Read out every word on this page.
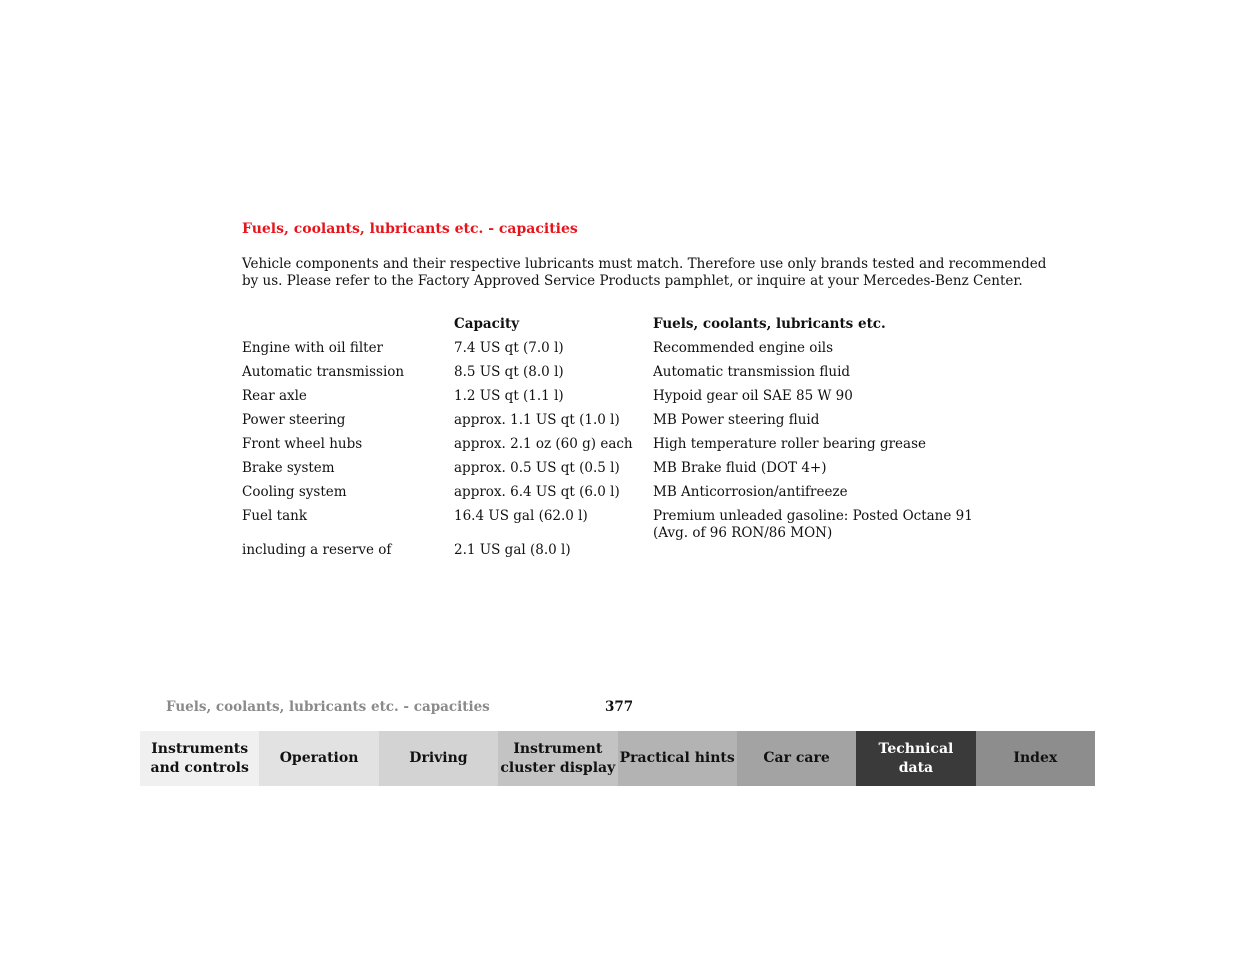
Fuels, coolants, lubricants etc. - capacities

Vehicle components and their respective lubricants must match. Therefore use only brands tested and recommended
by us. Please refer to the Factory Approved Service Products pamphlet, or inquire at your Mercedes-Benz Center.

	Capacity	Fuels, coolants, lubricants etc.
Engine with oil filter	7.4 US qt (7.0 l)	Recommended engine oils
Automatic transmission	8.5 US qt (8.0 l)	Automatic transmission fluid
Rear axle	1.2 US qt (1.1 l)	Hypoid gear oil SAE 85 W 90
Power steering	approx. 1.1 US qt (1.0 l)	MB Power steering fluid
Front wheel hubs	approx. 2.1 oz (60 g) each	High temperature roller bearing grease
Brake system	approx. 0.5 US qt (0.5 l)	MB Brake fluid (DOT 4+)
Cooling system	approx. 6.4 US qt (6.0 l)	MB Anticorrosion/antifreeze
Fuel tank	16.4 US gal (62.0 l)	Premium unleaded gasoline: Posted Octane 91
(Avg. of 96 RON/86 MON)

including a reserve of	2.1 US gal (8.0 l)	
Fuels, coolants, lubricants etc. - capacities	377
Instruments
and controls
Operation	Driving
Instrument
cluster display
Practical hints	Car care
Technical
data
Index
